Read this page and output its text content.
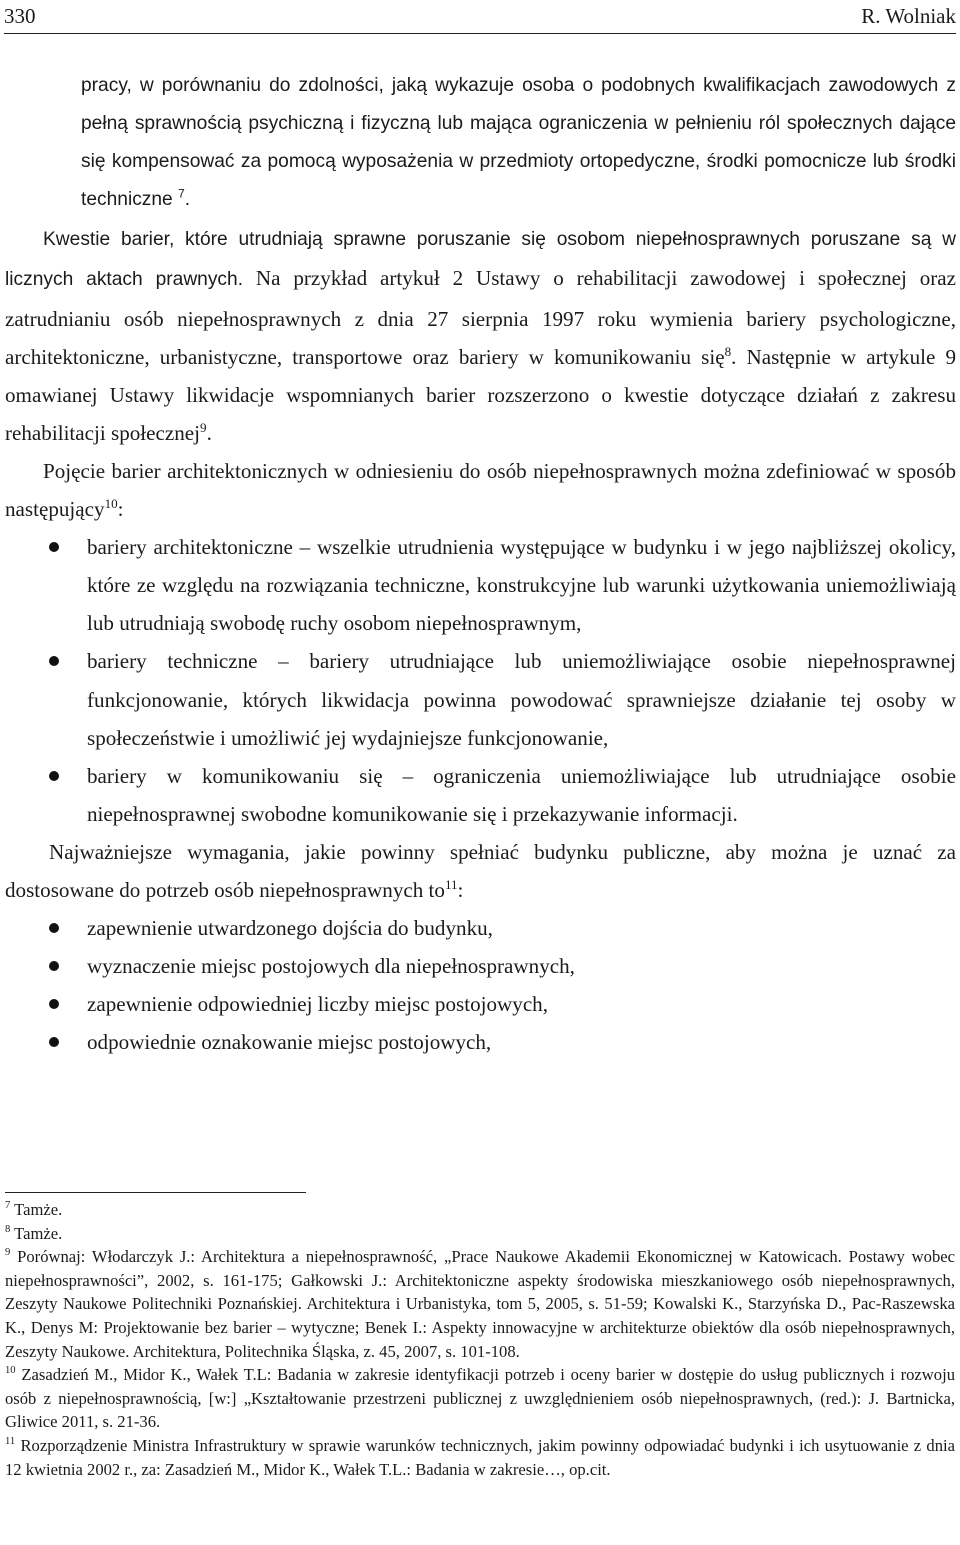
330	R. Wolniak

pracy, w porównaniu do zdolności, jaką wykazuje osoba o podobnych kwalifikacjach zawodowych z pełną sprawnością psychiczną i fizyczną lub mająca ograniczenia w pełnieniu ról społecznych dające się kompensować za pomocą wyposażenia w przedmioty ortopedyczne, środki pomocnicze lub środki techniczne $^7$.

Kwestie barier, które utrudniają sprawne poruszanie się osobom niepełnosprawnych poruszane są w licznych aktach prawnych. Na przykład artykuł 2 Ustawy o rehabilitacji zawodowej i społecznej oraz zatrudnianiu osób niepełnosprawnych z dnia 27 sierpnia 1997 roku wymienia bariery psychologiczne, architektoniczne, urbanistyczne, transportowe oraz bariery w komunikowaniu się$^8$. Następnie w artykule 9 omawianej Ustawy likwidacje wspomnianych barier rozszerzono o kwestie dotyczące działań z zakresu rehabilitacji społecznej$^9$.

Pojęcie barier architektonicznych w odniesieniu do osób niepełnosprawnych można zdefiniować w sposób następujący$^{10}$:

bariery architektoniczne – wszelkie utrudnienia występujące w budynku i w jego najbliższej okolicy, które ze względu na rozwiązania techniczne, konstrukcyjne lub warunki użytkowania uniemożliwiają lub utrudniają swobodę ruchy osobom niepełnosprawnym,
bariery techniczne – bariery utrudniające lub uniemożliwiające osobie niepełnosprawnej funkcjonowanie, których likwidacja powinna powodować sprawniejsze działanie tej osoby w społeczeństwie i umożliwić jej wydajniejsze funkcjonowanie,
bariery w komunikowaniu się – ograniczenia uniemożliwiające lub utrudniające osobie niepełnosprawnej swobodne komunikowanie się i przekazywanie informacji.

Najważniejsze wymagania, jakie powinny spełniać budynku publiczne, aby można je uznać za dostosowane do potrzeb osób niepełnosprawnych $to^{11}$:

zapewnienie utwardzonego dojścia do budynku,
wyznaczenie miejsc postojowych dla niepełnosprawnych,
zapewnienie odpowiedniej liczby miejsc postojowych,
odpowiednie oznakowanie miejsc postojowych,

$^7$ Tamże.

$^8$ Tamże.

$^9$ Porównaj: Włodarczyk J.: Architektura a niepełnosprawność, „Prace Naukowe Akademii Ekonomicznej w Katowicach. Postawy wobec niepełnosprawności”, 2002, s. 161-175; Gałkowski J.: Architektoniczne aspekty środowiska mieszkaniowego osób niepełnosprawnych, Zeszyty Naukowe Politechniki Poznańskiej. Architektura i Urbanistyka, tom 5, 2005, s. 51-59; Kowalski K., Starzyńska D., Pac-Raszewska K., Denys M: Projektowanie bez barier – wytyczne; Benek I.: Aspekty innowacyjne w architekturze obiektów dla osób niepełnosprawnych, Zeszyty Naukowe. Architektura, Politechnika Śląska, z. 45, 2007, s. 101-108.

$^{10}$ Zasadzień M., Midor K., Wałek T.L: Badania w zakresie identyfikacji potrzeb i oceny barier w dostępie do usług publicznych i rozwoju osób z niepełnosprawnością, [w:] „Kształtowanie przestrzeni publicznej z uwzględnieniem osób niepełnosprawnych, (red.): J. Bartnicka, Gliwice 2011, s. 21-36.

$^{11}$ Rozporządzenie Ministra Infrastruktury w sprawie warunków technicznych, jakim powinny odpowiadać budynki i ich usytuowanie z dnia 12 kwietnia 2002 r., za: Zasadzień M., Midor K., Wałek T.L.: Badania w zakresie…, op.cit.
